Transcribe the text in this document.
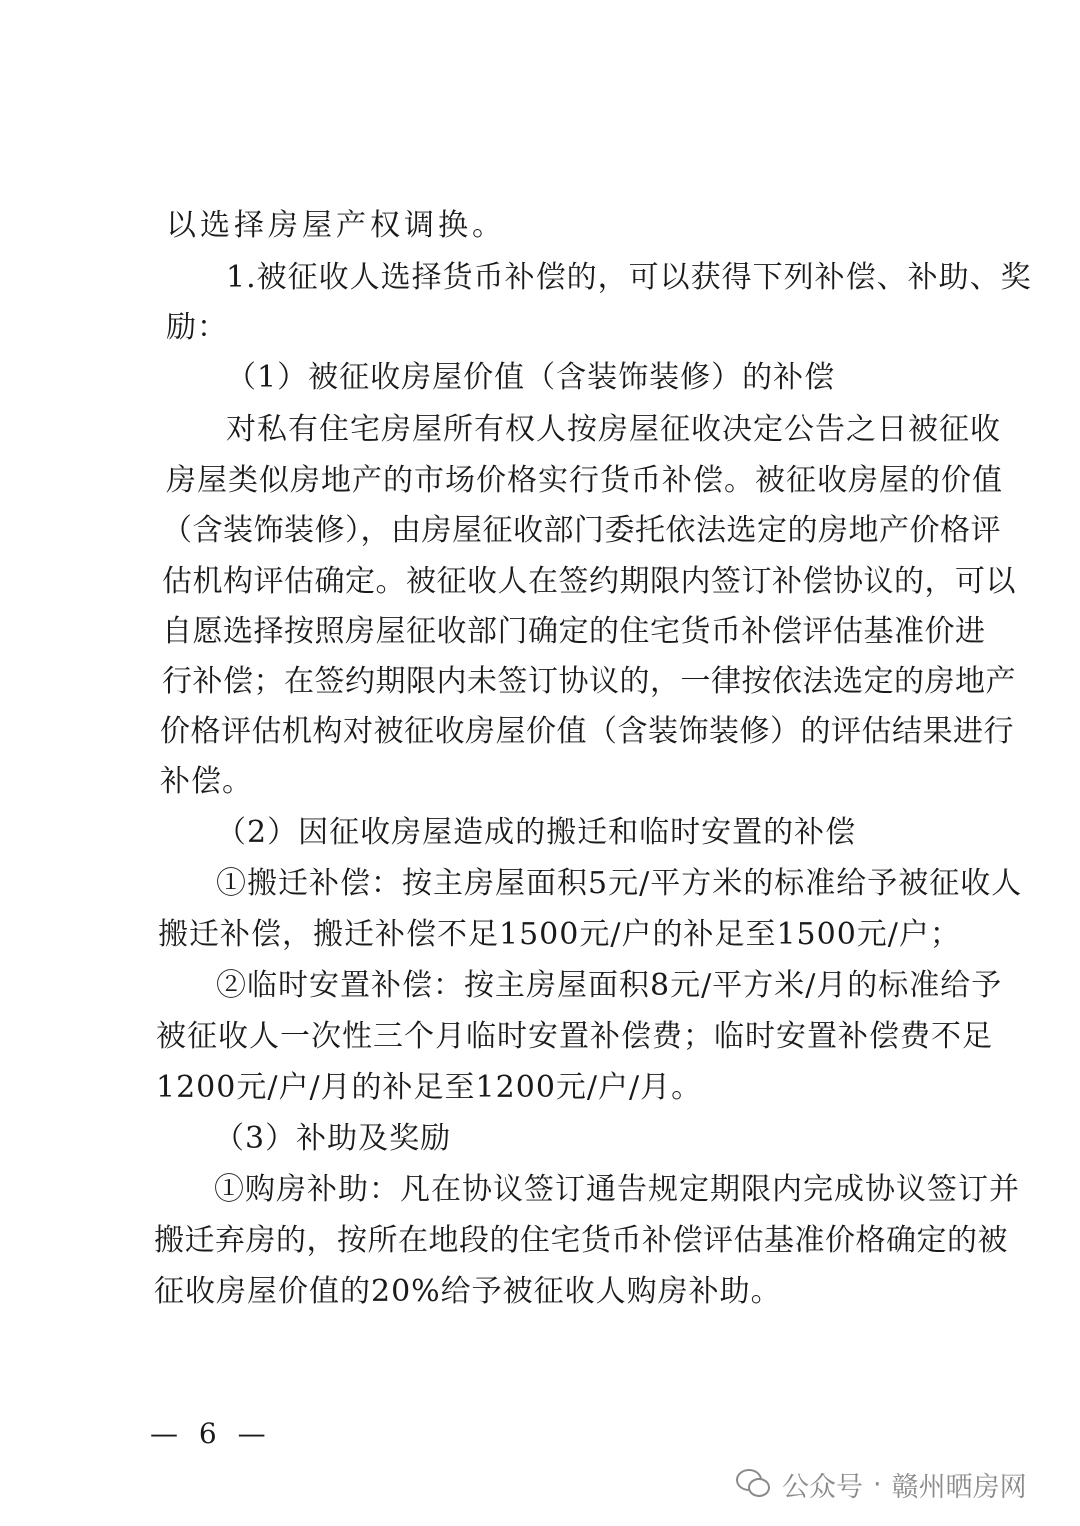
以选择房屋产权调换。
1.被征收人选择货币补偿的，可以获得下列补偿、补助、奖
励：
（1）被征收房屋价值（含装饰装修）的补偿
对私有住宅房屋所有权人按房屋征收决定公告之日被征收
房屋类似房地产的市场价格实行货币补偿。被征收房屋的价值
（含装饰装修），由房屋征收部门委托依法选定的房地产价格评
估机构评估确定。被征收人在签约期限内签订补偿协议的，可以
自愿选择按照房屋征收部门确定的住宅货币补偿评估基准价进
行补偿；在签约期限内未签订协议的，一律按依法选定的房地产
价格评估机构对被征收房屋价值（含装饰装修）的评估结果进行
补偿。
（2）因征收房屋造成的搬迁和临时安置的补偿
①搬迁补偿：按主房屋面积5元/平方米的标准给予被征收人
搬迁补偿，搬迁补偿不足1500元/户的补足至1500元/户；
②临时安置补偿：按主房屋面积8元/平方米/月的标准给予
被征收人一次性三个月临时安置补偿费；临时安置补偿费不足
1200元/户/月的补足至1200元/户/月。
（3）补助及奖励
①购房补助：凡在协议签订通告规定期限内完成协议签订并
搬迁弃房的，按所在地段的住宅货币补偿评估基准价格确定的被
征收房屋价值的20%给予被征收人购房补助。
— 6 —
公众号 · 赣州晒房网
